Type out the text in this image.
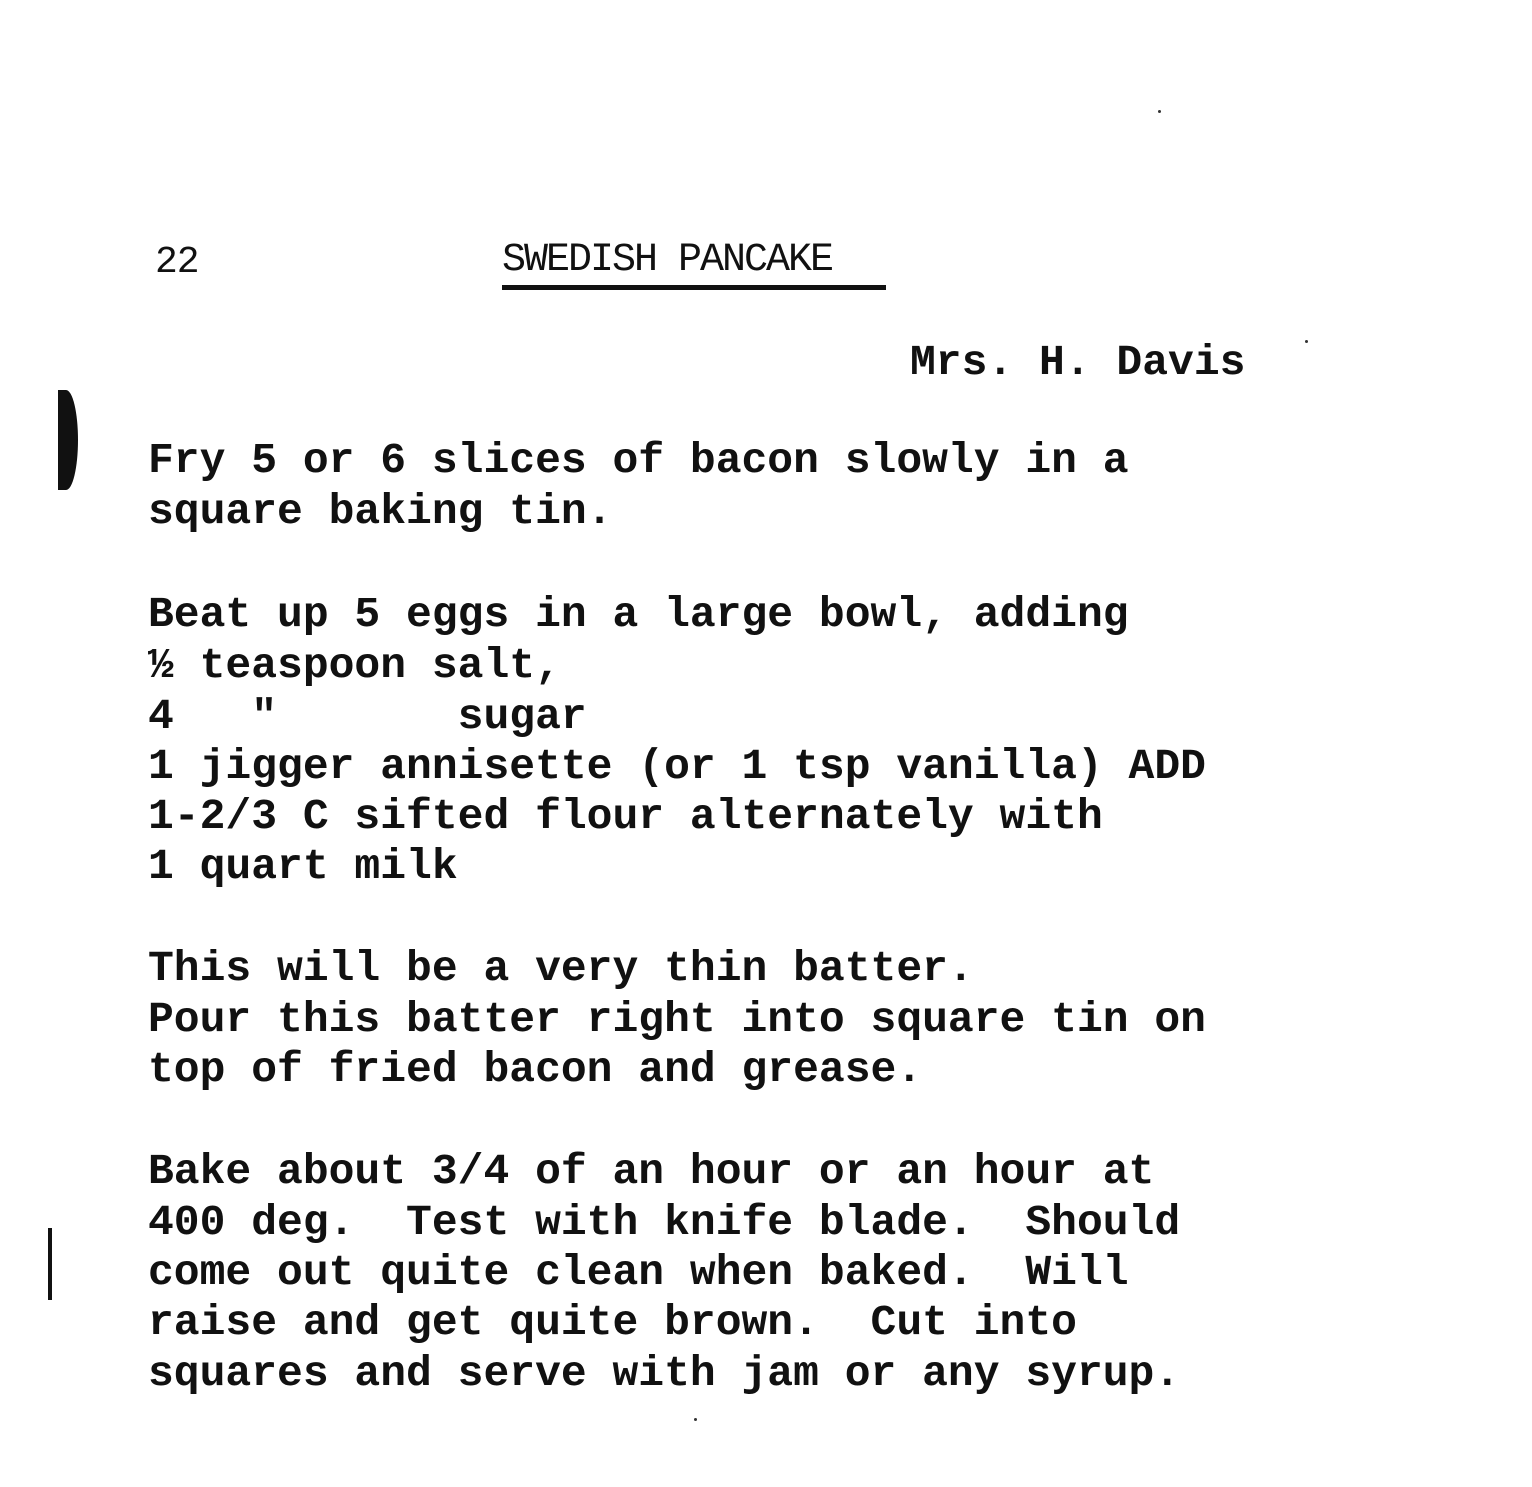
22	SWEDISH PANCAKE
Mrs. H. Davis
Fry 5 or 6 slices of bacon slowly in a
square baking tin.
Beat up 5 eggs in a large bowl, adding
½ teaspoon salt,
4   "       sugar
1 jigger annisette (or 1 tsp vanilla) ADD
1-2/3 C sifted flour alternately with
1 quart milk
This will be a very thin batter.
Pour this batter right into square tin on
top of fried bacon and grease.
Bake about 3/4 of an hour or an hour at
400 deg.  Test with knife blade.  Should
come out quite clean when baked.  Will
raise and get quite brown.  Cut into
squares and serve with jam or any syrup.
